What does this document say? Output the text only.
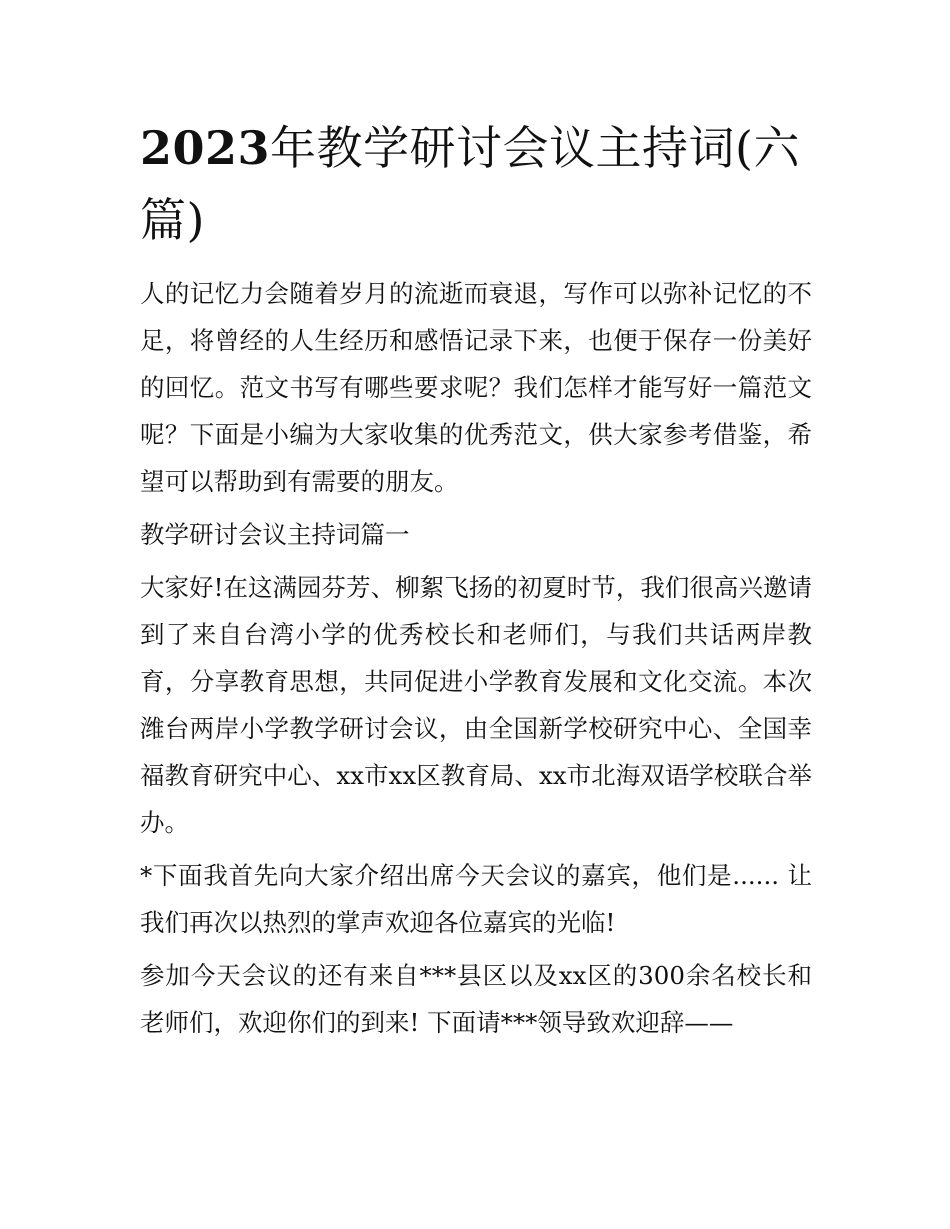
2023年教学研讨会议主持词(六篇)

人的记忆力会随着岁月的流逝而衰退，写作可以弥补记忆的不足，将曾经的人生经历和感悟记录下来，也便于保存一份美好的回忆。范文书写有哪些要求呢？我们怎样才能写好一篇范文呢？下面是小编为大家收集的优秀范文，供大家参考借鉴，希望可以帮助到有需要的朋友。

教学研讨会议主持词篇一

大家好!在这满园芬芳、柳絮飞扬的初夏时节，我们很高兴邀请到了来自台湾小学的优秀校长和老师们，与我们共话两岸教育，分享教育思想，共同促进小学教育发展和文化交流。本次潍台两岸小学教学研讨会议，由全国新学校研究中心、全国幸福教育研究中心、xx市xx区教育局、xx市北海双语学校联合举办。

*下面我首先向大家介绍出席今天会议的嘉宾，他们是...... 让我们再次以热烈的掌声欢迎各位嘉宾的光临!

参加今天会议的还有来自***县区以及xx区的300余名校长和老师们，欢迎你们的到来! 下面请***领导致欢迎辞——
